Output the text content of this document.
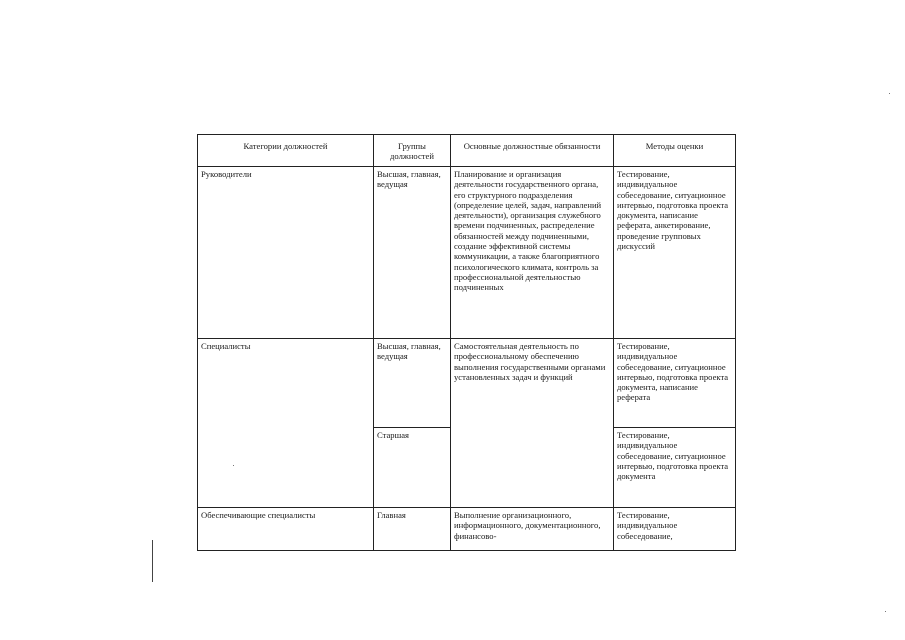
Категории должностей	Группы должностей	Основные должностные обязанности	Методы оценки
Руководители	Высшая, главная, ведущая	Планирование и организация деятельности государственного органа, его структурного подразделения (определение целей, задач, направлений деятельности), организация служебного времени подчиненных, распределение обязанностей между подчиненными, создание эффективной системы коммуникации, а также благоприятного психологического климата, контроль за профессиональной деятельностью подчиненных	Тестирование, индивидуальное собеседование, ситуационное интервью, подготовка проекта документа, написание реферата, анкетирование, проведение групповых дискуссий
Специалисты	Высшая, главная, ведущая	Самостоятельная деятельность по профессиональному обеспечению выполнения государственными органами установленных задач и функций	Тестирование, индивидуальное собеседование, ситуационное интервью, подготовка проекта документа, написание реферата
	Старшая		Тестирование, индивидуальное собеседование, ситуационное интервью, подготовка проекта документа
Обеспечивающие специалисты	Главная	Выполнение организационного, информационного, документационного, финансово-	Тестирование, индивидуальное собеседование,
